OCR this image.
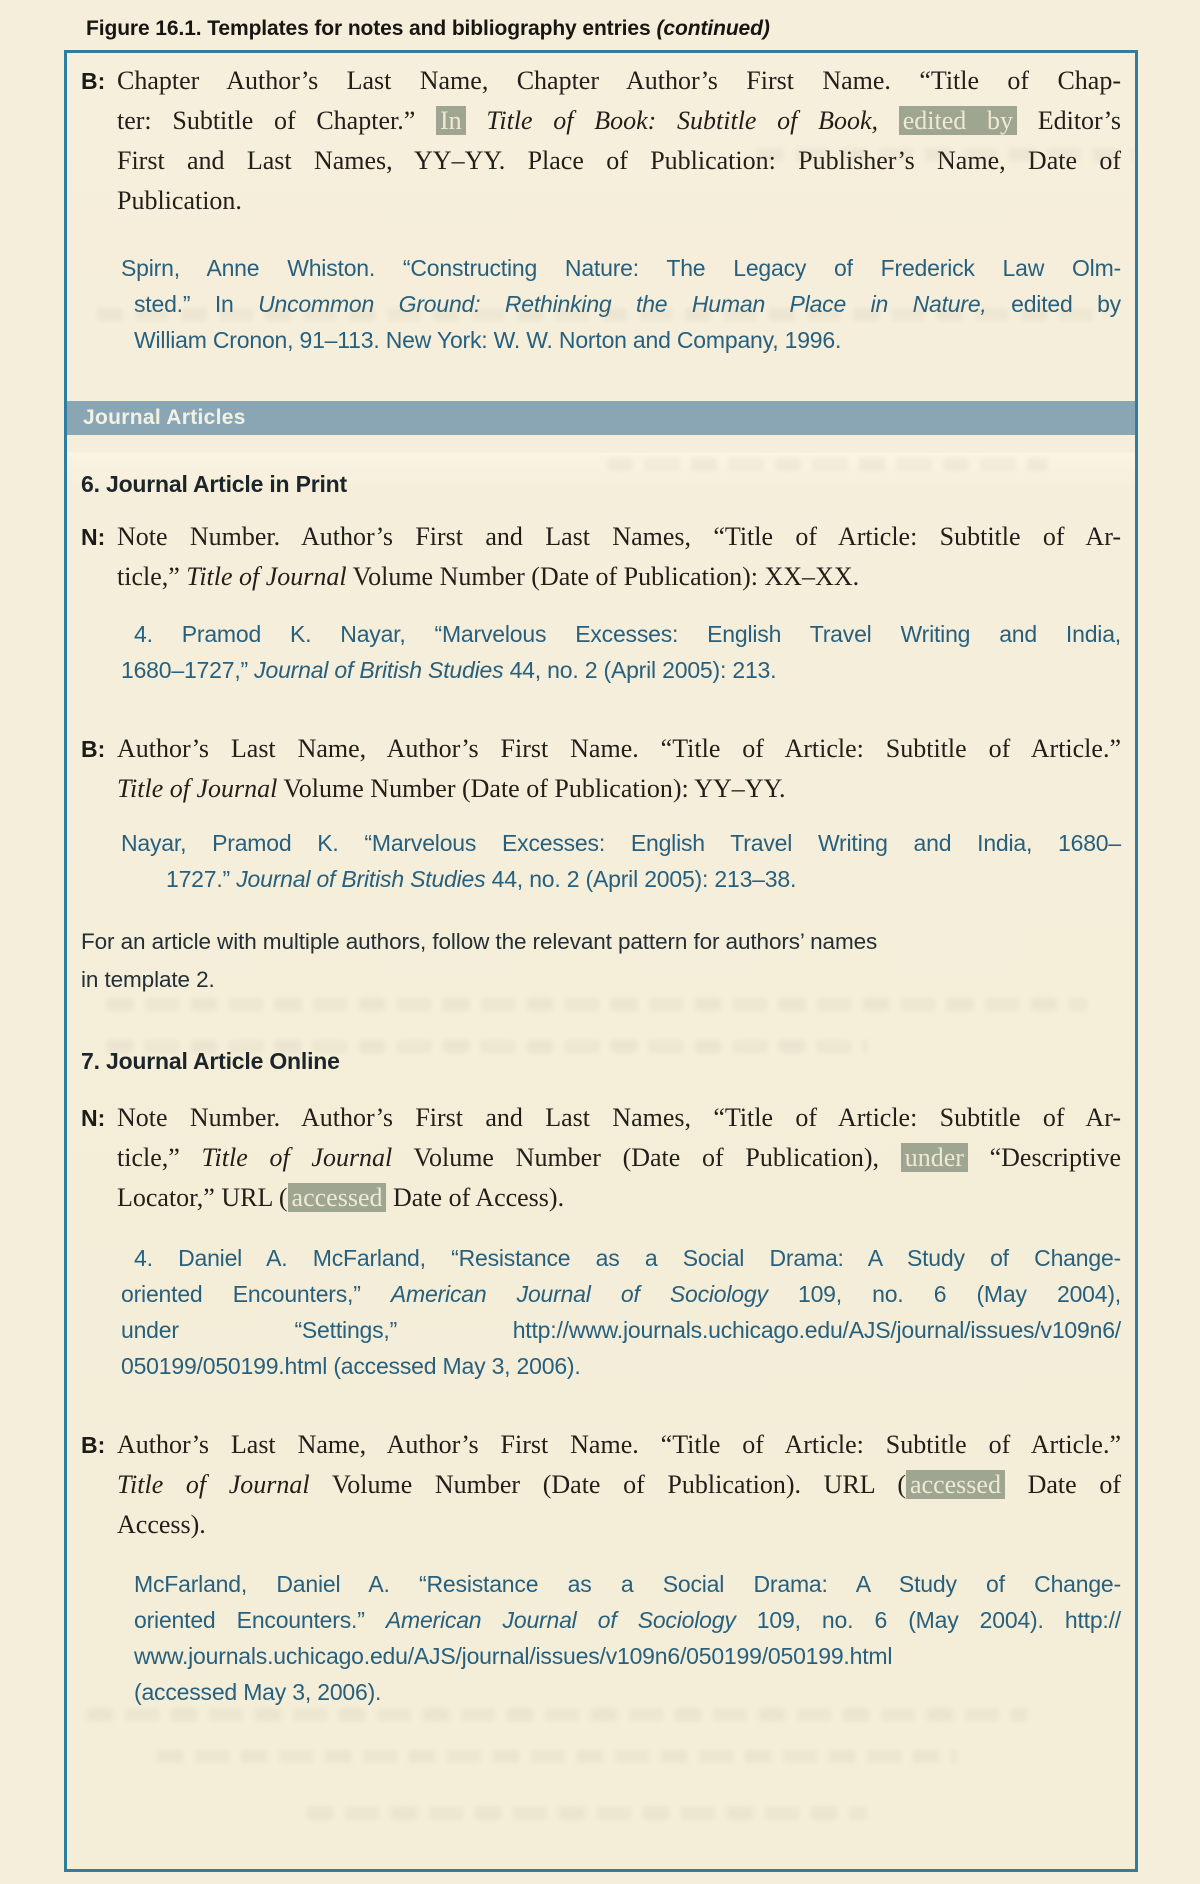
Figure 16.1. Templates for notes and bibliography entries (continued)
B: Chapter Author’s Last Name, Chapter Author’s First Name. “Title of Chap-
ter: Subtitle of Chapter.” In Title of Book: Subtitle of Book, edited by Editor’s
First and Last Names, YY–YY. Place of Publication: Publisher’s Name, Date of
Publication.
Spirn, Anne Whiston. “Constructing Nature: The Legacy of Frederick Law Olm-
sted.” In Uncommon Ground: Rethinking the Human Place in Nature, edited by
William Cronon, 91–113. New York: W. W. Norton and Company, 1996.
Journal Articles
6. Journal Article in Print
N: Note Number. Author’s First and Last Names, “Title of Article: Subtitle of Ar-
ticle,” Title of Journal Volume Number (Date of Publication): XX–XX.
4. Pramod K. Nayar, “Marvelous Excesses: English Travel Writing and India,
1680–1727,” Journal of British Studies 44, no. 2 (April 2005): 213.
B: Author’s Last Name, Author’s First Name. “Title of Article: Subtitle of Article.”
Title of Journal Volume Number (Date of Publication): YY–YY.
Nayar, Pramod K. “Marvelous Excesses: English Travel Writing and India, 1680–
1727.” Journal of British Studies 44, no. 2 (April 2005): 213–38.
For an article with multiple authors, follow the relevant pattern for authors’ names
in template 2.
7. Journal Article Online
N: Note Number. Author’s First and Last Names, “Title of Article: Subtitle of Ar-
ticle,” Title of Journal Volume Number (Date of Publication), under “Descriptive
Locator,” URL ( accessed Date of Access).
4. Daniel A. McFarland, “Resistance as a Social Drama: A Study of Change-
oriented Encounters,” American Journal of Sociology 109, no. 6 (May 2004),
under “Settings,” http://www.journals.uchicago.edu/AJS/journal/issues/v109n6/
050199/050199.html (accessed May 3, 2006).
B: Author’s Last Name, Author’s First Name. “Title of Article: Subtitle of Article.”
Title of Journal Volume Number (Date of Publication). URL ( accessed Date of
Access).
McFarland, Daniel A. “Resistance as a Social Drama: A Study of Change-
oriented Encounters.” American Journal of Sociology 109, no. 6 (May 2004). http://
www.journals.uchicago.edu/AJS/journal/issues/v109n6/050199/050199.html
(accessed May 3, 2006).
